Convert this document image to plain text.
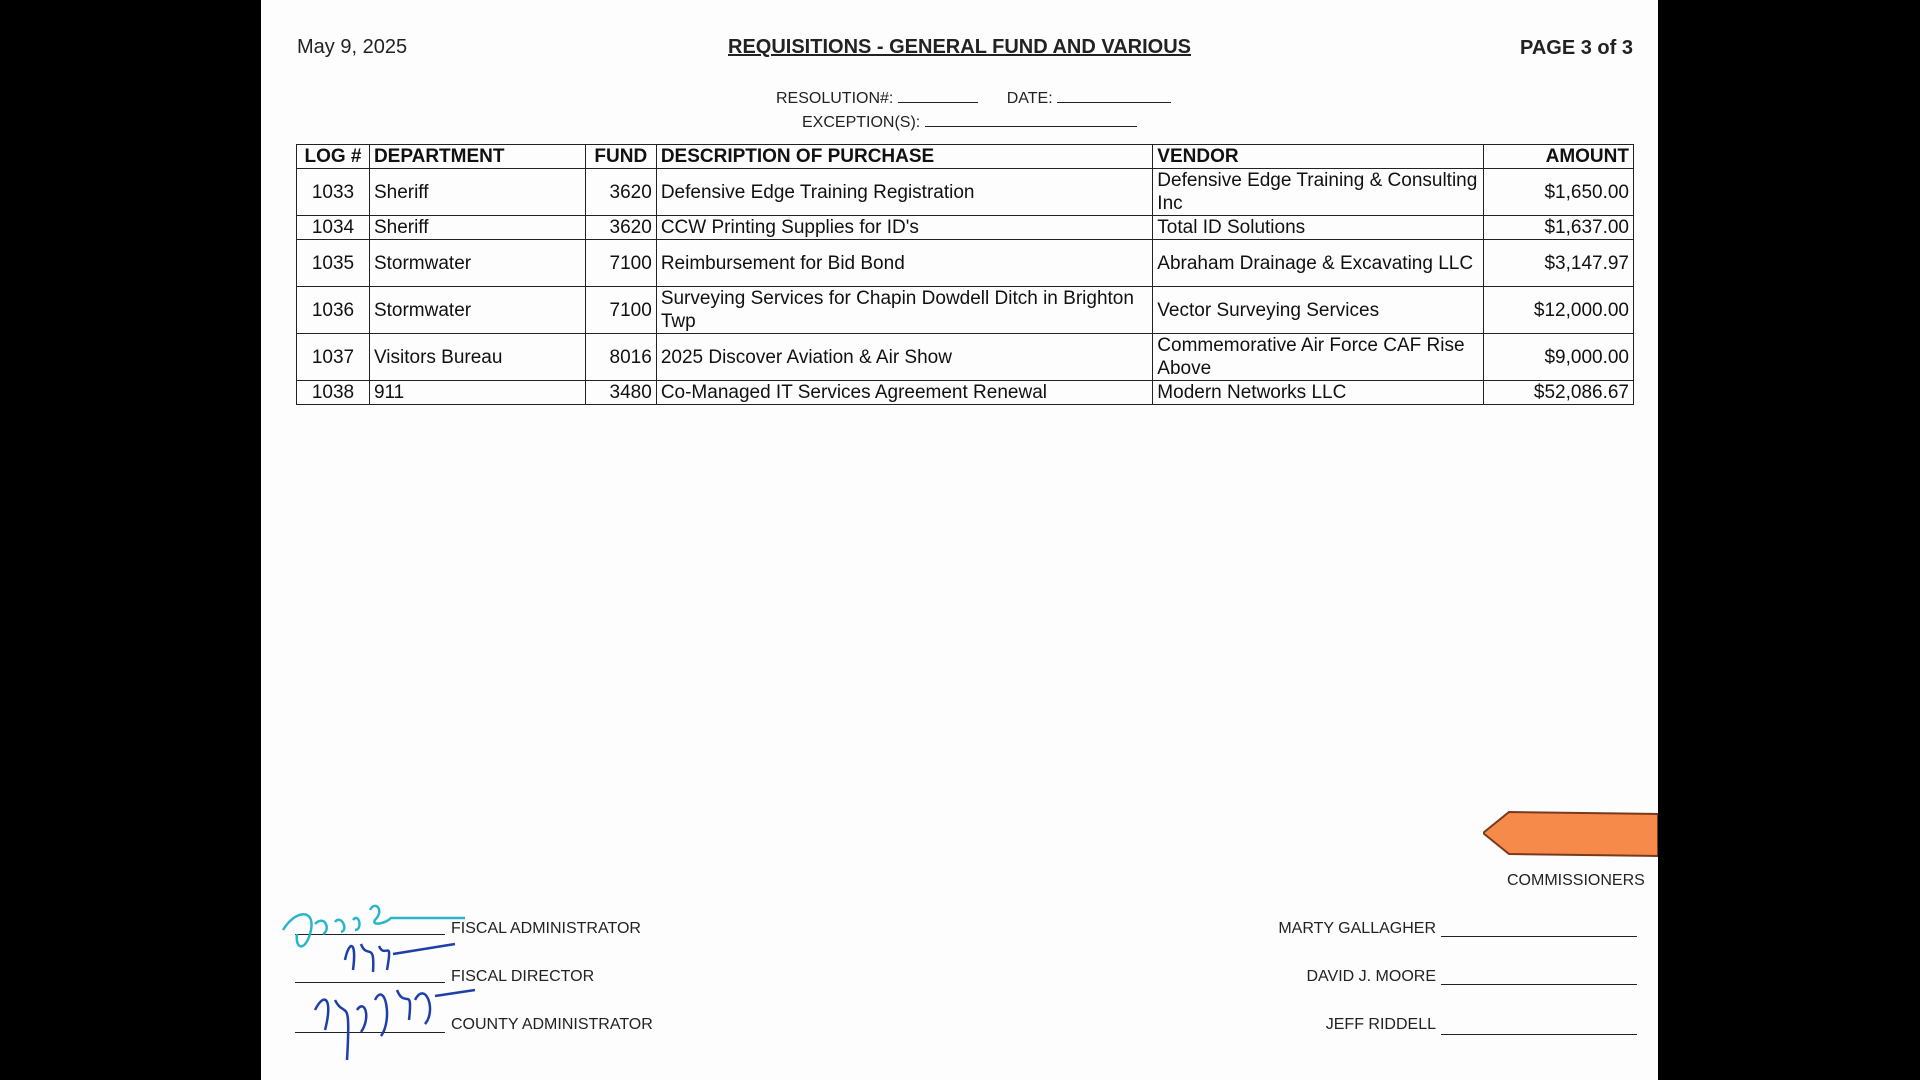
May 9, 2025	REQUISITIONS - GENERAL FUND AND VARIOUS	PAGE 3 of 3
RESOLUTION#:	DATE:
EXCEPTION(S):
LOG #	DEPARTMENT	FUND	DESCRIPTION OF PURCHASE	VENDOR	AMOUNT
1033	Sheriff	3620	Defensive Edge Training Registration	Defensive Edge Training & Consulting Inc	$1,650.00
1034	Sheriff	3620	CCW Printing Supplies for ID's	Total ID Solutions	$1,637.00
1035	Stormwater	7100	Reimbursement for Bid Bond	Abraham Drainage & Excavating LLC	$3,147.97
1036	Stormwater	7100	Surveying Services for Chapin Dowdell Ditch in Brighton Twp	Vector Surveying Services	$12,000.00
1037	Visitors Bureau	8016	2025 Discover Aviation & Air Show	Commemorative Air Force CAF Rise Above	$9,000.00
1038	911	3480	Co-Managed IT Services Agreement Renewal	Modern Networks LLC	$52,086.67
COMMISSIONERS
FISCAL ADMINISTRATOR	MARTY GALLAGHER
FISCAL DIRECTOR	DAVID J. MOORE
COUNTY ADMINISTRATOR	JEFF RIDDELL
